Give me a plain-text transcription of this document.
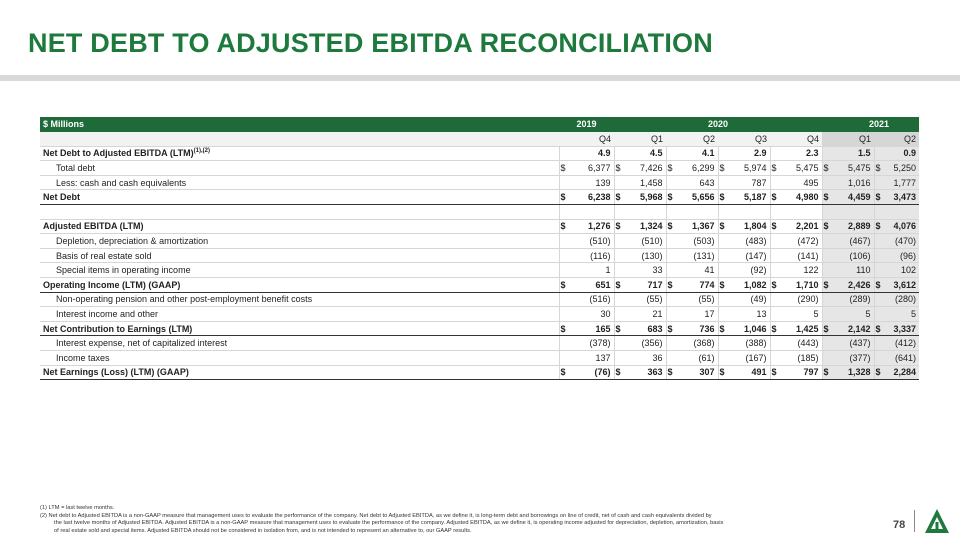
NET DEBT TO ADJUSTED EBITDA RECONCILIATION
$ Millions	2019		2020								2021			
	Q4		Q1		Q2		Q3		Q4		Q1		Q2	
Net Debt to Adjusted EBITDA (LTM)$^{(1),(2)}$		4.9		4.5		4.1		2.9		2.3		1.5		0.9
Total debt	$	6,377	$	7,426	$	6,299	$	5,974	$	5,475	$	5,475	$	5,250
Less: cash and cash equivalents		139		1,458		643		787		495		1,016		1,777
Net Debt	$	6,238	$	5,968	$	5,656	$	5,187	$	4,980	$	4,459	$	3,473

Adjusted EBITDA (LTM)	$	1,276	$	1,324	$	1,367	$	1,804	$	2,201	$	2,889	$	4,076
Depletion, depreciation & amortization		(510)		(510)		(503)		(483)		(472)		(467)		(470)
Basis of real estate sold		(116)		(130)		(131)		(147)		(141)		(106)		(96)
Special items in operating income		1		33		41		(92)		122		110		102
Operating Income (LTM) (GAAP)	$	651	$	717	$	774	$	1,082	$	1,710	$	2,426	$	3,612
Non-operating pension and other post-employment benefit costs		(516)		(55)		(55)		(49)		(290)		(289)		(280)
Interest income and other		30		21		17		13		5		5		5
Net Contribution to Earnings (LTM)	$	165	$	683	$	736	$	1,046	$	1,425	$	2,142	$	3,337
Interest expense, net of capitalized interest		(378)		(356)		(368)		(388)		(443)		(437)		(412)
Income taxes		137		36		(61)		(167)		(185)		(377)		(641)
Net Earnings (Loss) (LTM) (GAAP)	$	(76)	$	363	$	307	$	491	$	797	$	1,328	$	2,284
(1) LTM = last twelve months.
(2) Net debt to Adjusted EBITDA is a non-GAAP measure that management uses to evaluate the performance of the company. Net debt to Adjusted EBITDA, as we define it, is long-term debt and borrowings on line of credit, net of cash and cash equivalents divided by
the last twelve months of Adjusted EBITDA. Adjusted EBITDA is a non-GAAP measure that management uses to evaluate the performance of the company. Adjusted EBITDA, as we define it, is operating income adjusted for depreciation, depletion, amortization, basis
of real estate sold and special items. Adjusted EBITDA should not be considered in isolation from, and is not intended to represent an alternative to, our GAAP results.
78
